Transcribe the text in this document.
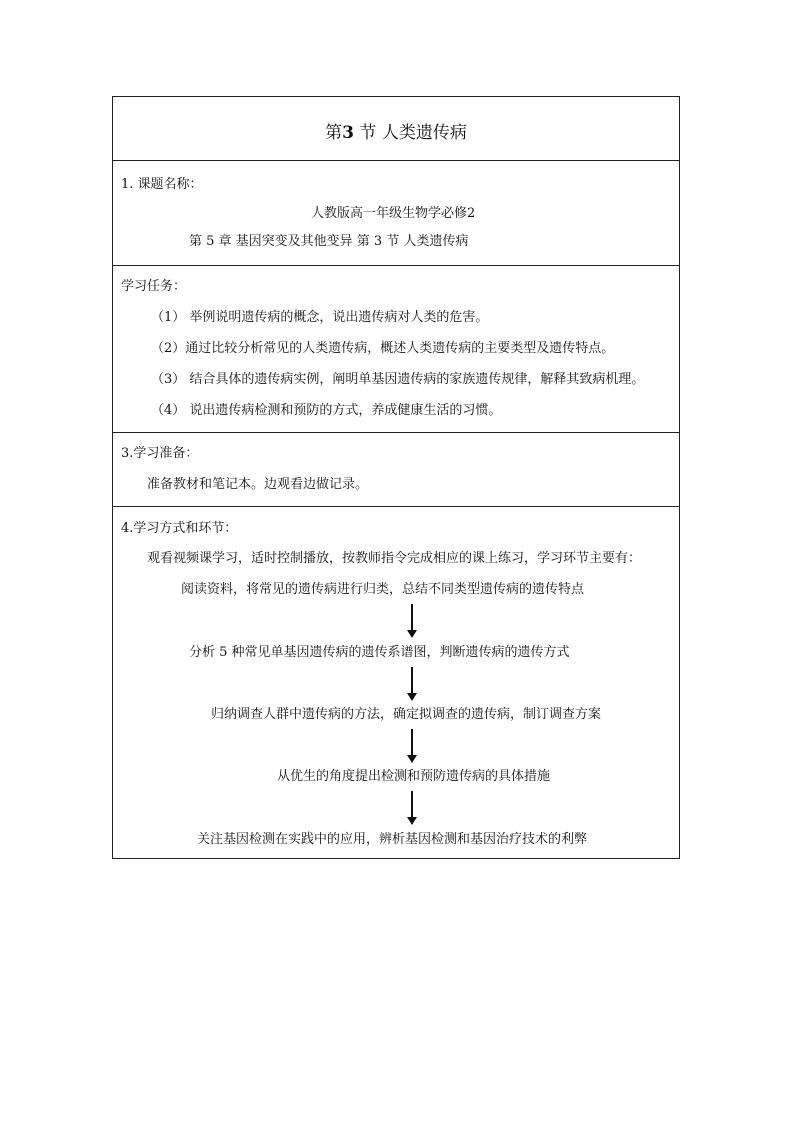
第3 节 人类遗传病
1. 课题名称：
人教版高一年级生物学必修2
第 5 章 基因突变及其他变异 第 3 节 人类遗传病
学习任务：
（1） 举例说明遗传病的概念，说出遗传病对人类的危害。
（2）通过比较分析常见的人类遗传病，概述人类遗传病的主要类型及遗传特点。
（3） 结合具体的遗传病实例，阐明单基因遗传病的家族遗传规律，解释其致病机理。
（4） 说出遗传病检测和预防的方式，养成健康生活的习惯。
3.学习准备：
准备教材和笔记本。边观看边做记录。
4.学习方式和环节：
观看视频课学习，适时控制播放，按教师指令完成相应的课上练习，学习环节主要有：
阅读资料，将常见的遗传病进行归类，总结不同类型遗传病的遗传特点
分析 5 种常见单基因遗传病的遗传系谱图，判断遗传病的遗传方式
归纳调查人群中遗传病的方法，确定拟调查的遗传病，制订调查方案
从优生的角度提出检测和预防遗传病的具体措施
关注基因检测在实践中的应用，辨析基因检测和基因治疗技术的利弊
